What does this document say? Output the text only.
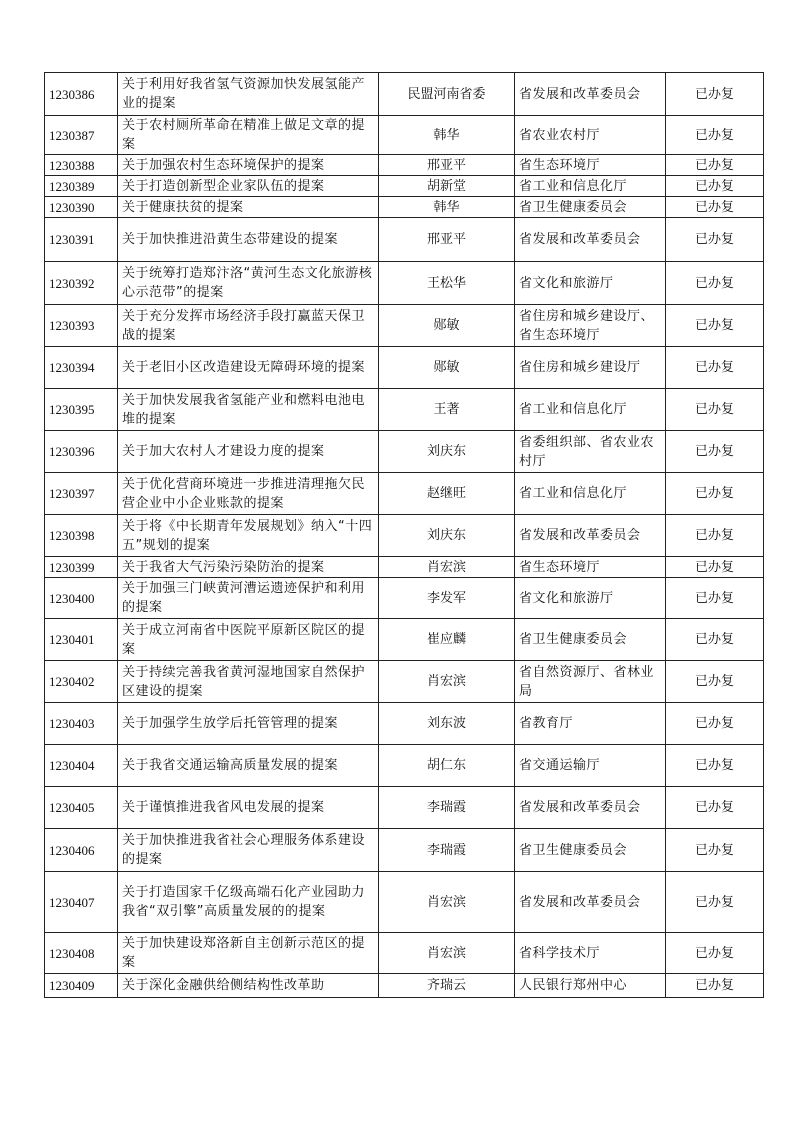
1230386	关于利用好我省氢气资源加快发展氢能产业的提案	民盟河南省委	省发展和改革委员会	已办复
1230387	关于农村厕所革命在精准上做足文章的提案	韩华	省农业农村厅	已办复
1230388	关于加强农村生态环境保护的提案	邢亚平	省生态环境厅	已办复
1230389	关于打造创新型企业家队伍的提案	胡新堂	省工业和信息化厅	已办复
1230390	关于健康扶贫的提案	韩华	省卫生健康委员会	已办复
1230391	关于加快推进沿黄生态带建设的提案	邢亚平	省发展和改革委员会	已办复
1230392	关于统筹打造郑汴洛“黄河生态文化旅游核心示范带”的提案	王松华	省文化和旅游厅	已办复
1230393	关于充分发挥市场经济手段打赢蓝天保卫战的提案	郧敏	省住房和城乡建设厅、省生态环境厅	已办复
1230394	关于老旧小区改造建设无障碍环境的提案	郧敏	省住房和城乡建设厅	已办复
1230395	关于加快发展我省氢能产业和燃料电池电堆的提案	王著	省工业和信息化厅	已办复
1230396	关于加大农村人才建设力度的提案	刘庆东	省委组织部、省农业农村厅	已办复
1230397	关于优化营商环境进一步推进清理拖欠民营企业中小企业账款的提案	赵继旺	省工业和信息化厅	已办复
1230398	关于将《中长期青年发展规划》纳入“十四五”规划的提案	刘庆东	省发展和改革委员会	已办复
1230399	关于我省大气污染污染防治的提案	肖宏滨	省生态环境厅	已办复
1230400	关于加强三门峡黄河漕运遗迹保护和利用的提案	李发军	省文化和旅游厅	已办复
1230401	关于成立河南省中医院平原新区院区的提案	崔应麟	省卫生健康委员会	已办复
1230402	关于持续完善我省黄河湿地国家自然保护区建设的提案	肖宏滨	省自然资源厅、省林业局	已办复
1230403	关于加强学生放学后托管管理的提案	刘东波	省教育厅	已办复
1230404	关于我省交通运输高质量发展的提案	胡仁东	省交通运输厅	已办复
1230405	关于谨慎推进我省风电发展的提案	李瑞霞	省发展和改革委员会	已办复
1230406	关于加快推进我省社会心理服务体系建设的提案	李瑞霞	省卫生健康委员会	已办复
1230407	关于打造国家千亿级高端石化产业园助力我省“双引擎”高质量发展的的提案	肖宏滨	省发展和改革委员会	已办复
1230408	关于加快建设郑洛新自主创新示范区的提案	肖宏滨	省科学技术厅	已办复
1230409	关于深化金融供给侧结构性改革助	齐瑞云	人民银行郑州中心	已办复
